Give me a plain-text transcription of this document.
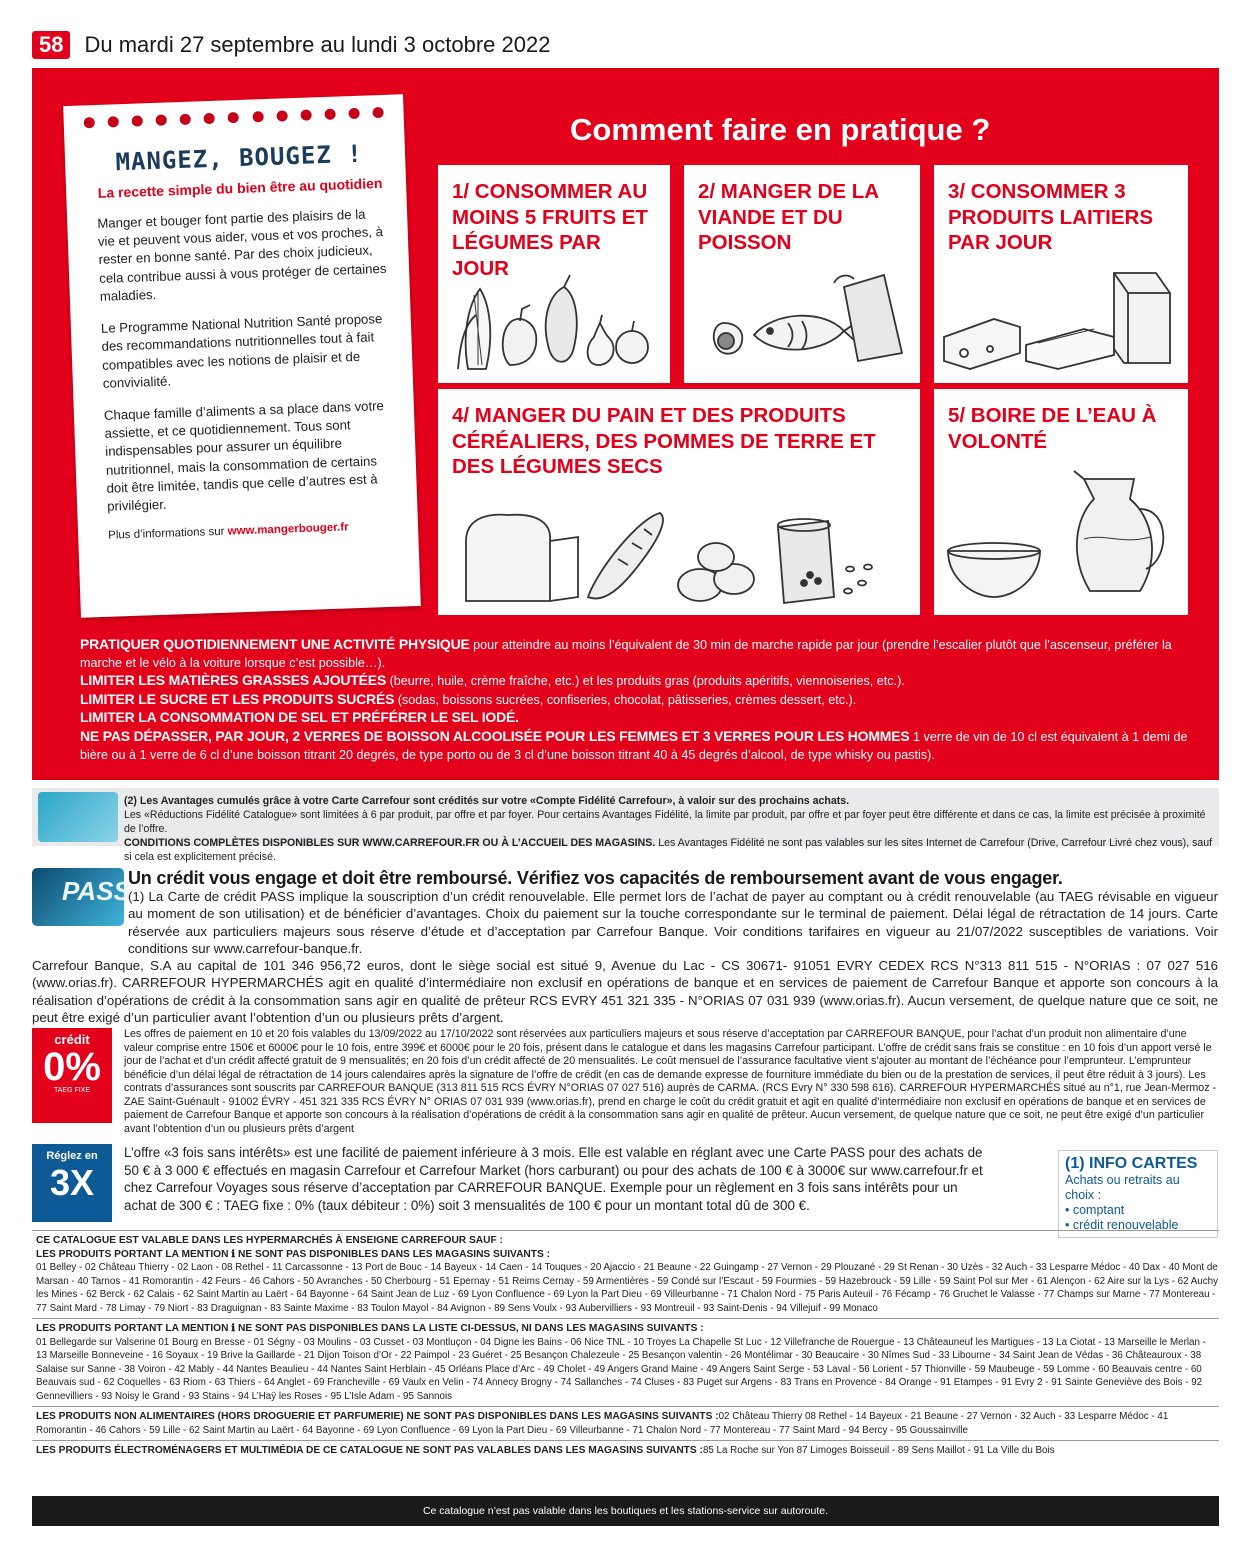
58 Du mardi 27 septembre au lundi 3 octobre 2022
MANGEZ, BOUGEZ !
La recette simple du bien être au quotidien

Manger et bouger font partie des plaisirs de la vie et peuvent vous aider, vous et vos proches, à rester en bonne santé. Par des choix judicieux, cela contribue aussi à vous protéger de certaines maladies.

Le Programme National Nutrition Santé propose des recommandations nutritionnelles tout à fait compatibles avec les notions de plaisir et de convivialité.

Chaque famille d’aliments a sa place dans votre assiette, et ce quotidiennement. Tous sont indispensables pour assurer un équilibre nutritionnel, mais la consommation de certains doit être limitée, tandis que celle d’autres est à privilégier.

Plus d’informations sur www.mangerbouger.fr

Comment faire en pratique ?
1/ CONSOMMER AU MOINS 5 FRUITS ET LÉGUMES PAR JOUR
2/ MANGER DE LA VIANDE ET DU POISSON
3/ CONSOMMER 3 PRODUITS LAITIERS PAR JOUR
4/ MANGER DU PAIN ET DES PRODUITS CÉRÉALIERS, DES POMMES DE TERRE ET DES LÉGUMES SECS
5/ BOIRE DE L’EAU À VOLONTÉ

PRATIQUER QUOTIDIENNEMENT UNE ACTIVITÉ PHYSIQUE pour atteindre au moins l’équivalent de 30 min de marche rapide par jour (prendre l’escalier plutôt que l’ascenseur, préférer la marche et le vélo à la voiture lorsque c’est possible…).

LIMITER LES MATIÈRES GRASSES AJOUTÉES (beurre, huile, crème fraîche, etc.) et les produits gras (produits apéritifs, viennoiseries, etc.).

LIMITER LE SUCRE ET LES PRODUITS SUCRÉS (sodas, boissons sucrées, confiseries, chocolat, pâtisseries, crèmes dessert, etc.).

LIMITER LA CONSOMMATION DE SEL ET PRÉFÉRER LE SEL IODÉ.

NE PAS DÉPASSER, PAR JOUR, 2 VERRES DE BOISSON ALCOOLISÉE POUR LES FEMMES ET 3 VERRES POUR LES HOMMES 1 verre de vin de 10 cl est équivalent à 1 demi de bière ou à 1 verre de 6 cl d’une boisson titrant 20 degrés, de type porto ou de 3 cl d’une boisson titrant 40 à 45 degrés d’alcool, de type whisky ou pastis).

(2) Les Avantages cumulés grâce à votre Carte Carrefour sont crédités sur votre «Compte Fidélité Carrefour», à valoir sur des prochains achats.
Les «Réductions Fidélité Catalogue» sont limitées à 6 par produit, par offre et par foyer. Pour certains Avantages Fidélité, la limite par produit, par offre et par foyer peut être différente et dans ce cas, la limite est précisée à proximité de l’offre.
CONDITIONS COMPLÈTES DISPONIBLES SUR WWW.CARREFOUR.FR OU À L’ACCUEIL DES MAGASINS. Les Avantages Fidélité ne sont pas valables sur les sites Internet de Carrefour (Drive, Carrefour Livré chez vous), sauf si cela est explicitement précisé.
PASS
Un crédit vous engage et doit être remboursé. Vérifiez vos capacités de remboursement avant de vous engager.
(1) La Carte de crédit PASS implique la souscription d’un crédit renouvelable. Elle permet lors de l’achat de payer au comptant ou à crédit renouvelable (au TAEG révisable en vigueur au moment de son utilisation) et de bénéficier d’avantages. Choix du paiement sur la touche correspondante sur le terminal de paiement. Délai légal de rétractation de 14 jours. Carte réservée aux particuliers majeurs sous réserve d’étude et d’acceptation par Carrefour Banque. Voir conditions tarifaires en vigueur au 21/07/2022 susceptibles de variations. Voir conditions sur www.carrefour-banque.fr.
Carrefour Banque, S.A au capital de 101 346 956,72 euros, dont le siège social est situé 9, Avenue du Lac - CS 30671- 91051 EVRY CEDEX RCS N°313 811 515 - N°ORIAS : 07 027 516 (www.orias.fr). CARREFOUR HYPERMARCHÉS agit en qualité d’intermédiaire non exclusif en opérations de banque et en services de paiement de Carrefour Banque et apporte son concours à la réalisation d’opérations de crédit à la consommation sans agir en qualité de prêteur RCS EVRY 451 321 335 - N°ORIAS 07 031 939 (www.orias.fr). Aucun versement, de quelque nature que ce soit, ne peut être exigé d’un particulier avant l’obtention d’un ou plusieurs prêts d’argent.
crédit
0%
TAEG FIXE
Les offres de paiement en 10 et 20 fois valables du 13/09/2022 au 17/10/2022 sont réservées aux particuliers majeurs et sous réserve d’acceptation par CARREFOUR BANQUE, pour l’achat d’un produit non alimentaire d’une valeur comprise entre 150€ et 6000€ pour le 10 fois, entre 399€ et 6000€ pour le 20 fois, présent dans le catalogue et dans les magasins Carrefour participant. L’offre de crédit sans frais se constitue : en 10 fois d’un apport versé le jour de l’achat et d’un crédit affecté gratuit de 9 mensualités; en 20 fois d’un crédit affecté de 20 mensualités. Le coût mensuel de l’assurance facultative vient s’ajouter au montant de l’échéance pour l’emprunteur. L’emprunteur bénéficie d’un délai légal de rétractation de 14 jours calendaires après la signature de l’offre de crédit (en cas de demande expresse de fourniture immédiate du bien ou de la prestation de services, il peut être réduit à 3 jours). Les contrats d’assurances sont souscrits par CARREFOUR BANQUE (313 811 515 RCS ÉVRY N°ORIAS 07 027 516) auprès de CARMA. (RCS Evry N° 330 598 616). CARREFOUR HYPERMARCHÉS situé au n°1, rue Jean-Mermoz - ZAE Saint-Guénault - 91002 ÉVRY - 451 321 335 RCS ÉVRY N° ORIAS 07 031 939 (www.orias.fr), prend en charge le coût du crédit gratuit et agit en qualité d’intermédiaire non exclusif en opérations de banque et en services de paiement de Carrefour Banque et apporte son concours à la réalisation d’opérations de crédit à la consommation sans agir en qualité de prêteur. Aucun versement, de quelque nature que ce soit, ne peut être exigé d’un particulier avant l’obtention d’un ou plusieurs prêts d’argent
Réglez en
3X
L’offre «3 fois sans intérêts» est une facilité de paiement inférieure à 3 mois. Elle est valable en réglant avec une Carte PASS pour des achats de 50 € à 3 000 € effectués en magasin Carrefour et Carrefour Market (hors carburant) ou pour des achats de 100 € à 3000€ sur www.carrefour.fr et chez Carrefour Voyages sous réserve d’acceptation par CARREFOUR BANQUE. Exemple pour un règlement en 3 fois sans intérêts pour un achat de 300 € : TAEG fixe : 0% (taux débiteur : 0%) soit 3 mensualités de 100 € pour un montant total dû de 300 €.
(1) INFO CARTES
Achats ou retraits au choix :
• comptant
• crédit renouvelable
CE CATALOGUE EST VALABLE DANS LES HYPERMARCHÉS À ENSEIGNE CARREFOUR SAUF :
LES PRODUITS PORTANT LA MENTION ℹ NE SONT PAS DISPONIBLES DANS LES MAGASINS SUIVANTS :
01 Belley - 02 Château Thierry - 02 Laon - 08 Rethel - 11 Carcassonne - 13 Port de Bouc - 14 Bayeux - 14 Caen - 14 Touques - 20 Ajaccio - 21 Beaune - 22 Guingamp - 27 Vernon - 29 Plouzané - 29 St Renan - 30 Uzès - 32 Auch - 33 Lesparre Médoc - 40 Dax - 40 Mont de Marsan - 40 Tarnos - 41 Romorantin - 42 Feurs - 46 Cahors - 50 Avranches - 50 Cherbourg - 51 Epernay - 51 Reims Cernay - 59 Armentières - 59 Condé sur l’Escaut - 59 Fourmies - 59 Hazebrouck - 59 Lille - 59 Saint Pol sur Mer - 61 Alençon - 62 Aire sur la Lys - 62 Auchy les Mines - 62 Berck - 62 Calais - 62 Saint Martin au Laërt - 64 Bayonne - 64 Saint Jean de Luz - 69 Lyon Confluence - 69 Lyon la Part Dieu - 69 Villeurbanne - 71 Chalon Nord - 75 Paris Auteuil - 76 Fécamp - 76 Gruchet le Valasse - 77 Champs sur Marne - 77 Montereau - 77 Saint Mard - 78 Limay - 79 Niort - 83 Draguignan - 83 Sainte Maxime - 83 Toulon Mayol - 84 Avignon - 89 Sens Voulx - 93 Aubervilliers - 93 Montreuil - 93 Saint-Denis - 94 Villejuif - 99 Monaco
LES PRODUITS PORTANT LA MENTION ℹ NE SONT PAS DISPONIBLES DANS LA LISTE CI-DESSUS, NI DANS LES MAGASINS SUIVANTS :
01 Bellegarde sur Valserine 01 Bourg en Bresse - 01 Ségny - 03 Moulins - 03 Cusset - 03 Montluçon - 04 Digne les Bains - 06 Nice TNL - 10 Troyes La Chapelle St Luc - 12 Villefranche de Rouergue - 13 Châteauneuf les Martigues - 13 La Ciotat - 13 Marseille le Merlan - 13 Marseille Bonneveine - 16 Soyaux - 19 Brive la Gaillarde - 21 Dijon Toison d’Or - 22 Paimpol - 23 Guéret - 25 Besançon Chalezeule - 25 Besançon valentin - 26 Montélimar - 30 Beaucaire - 30 Nîmes Sud - 33 Libourne - 34 Saint Jean de Védas - 36 Châteauroux - 38 Salaise sur Sanne - 38 Voiron - 42 Mably - 44 Nantes Beaulieu - 44 Nantes Saint Herblain - 45 Orléans Place d’Arc - 49 Cholet - 49 Angers Grand Maine - 49 Angers Saint Serge - 53 Laval - 56 Lorient - 57 Thionville - 59 Maubeuge - 59 Lomme - 60 Beauvais centre - 60 Beauvais sud - 62 Coquelles - 63 Riom - 63 Thiers - 64 Anglet - 69 Francheville - 69 Vaulx en Velin - 74 Annecy Brogny - 74 Sallanches - 74 Cluses - 83 Puget sur Argens - 83 Trans en Provence - 84 Orange - 91 Etampes - 91 Evry 2 - 91 Sainte Geneviève des Bois - 92 Gennevilliers - 93 Noisy le Grand - 93 Stains - 94 L’Haÿ les Roses - 95 L’Isle Adam - 95 Sannois
LES PRODUITS NON ALIMENTAIRES (HORS DROGUERIE ET PARFUMERIE) NE SONT PAS DISPONIBLES DANS LES MAGASINS SUIVANTS :02 Château Thierry 08 Rethel - 14 Bayeux - 21 Beaune - 27 Vernon - 32 Auch - 33 Lesparre Médoc - 41 Romorantin - 46 Cahors - 59 Lille - 62 Saint Martin au Laërt - 64 Bayonne - 69 Lyon Confluence - 69 Lyon la Part Dieu - 69 Villeurbanne - 71 Chalon Nord - 77 Montereau - 77 Saint Mard - 94 Bercy - 95 Goussainville
LES PRODUITS ÉLECTROMÉNAGERS ET MULTIMÉDIA DE CE CATALOGUE NE SONT PAS VALABLES DANS LES MAGASINS SUIVANTS :85 La Roche sur Yon 87 Limoges Boisseuil - 89 Sens Maillot - 91 La Ville du Bois
Ce catalogue n’est pas valable dans les boutiques et les stations-service sur autoroute.
